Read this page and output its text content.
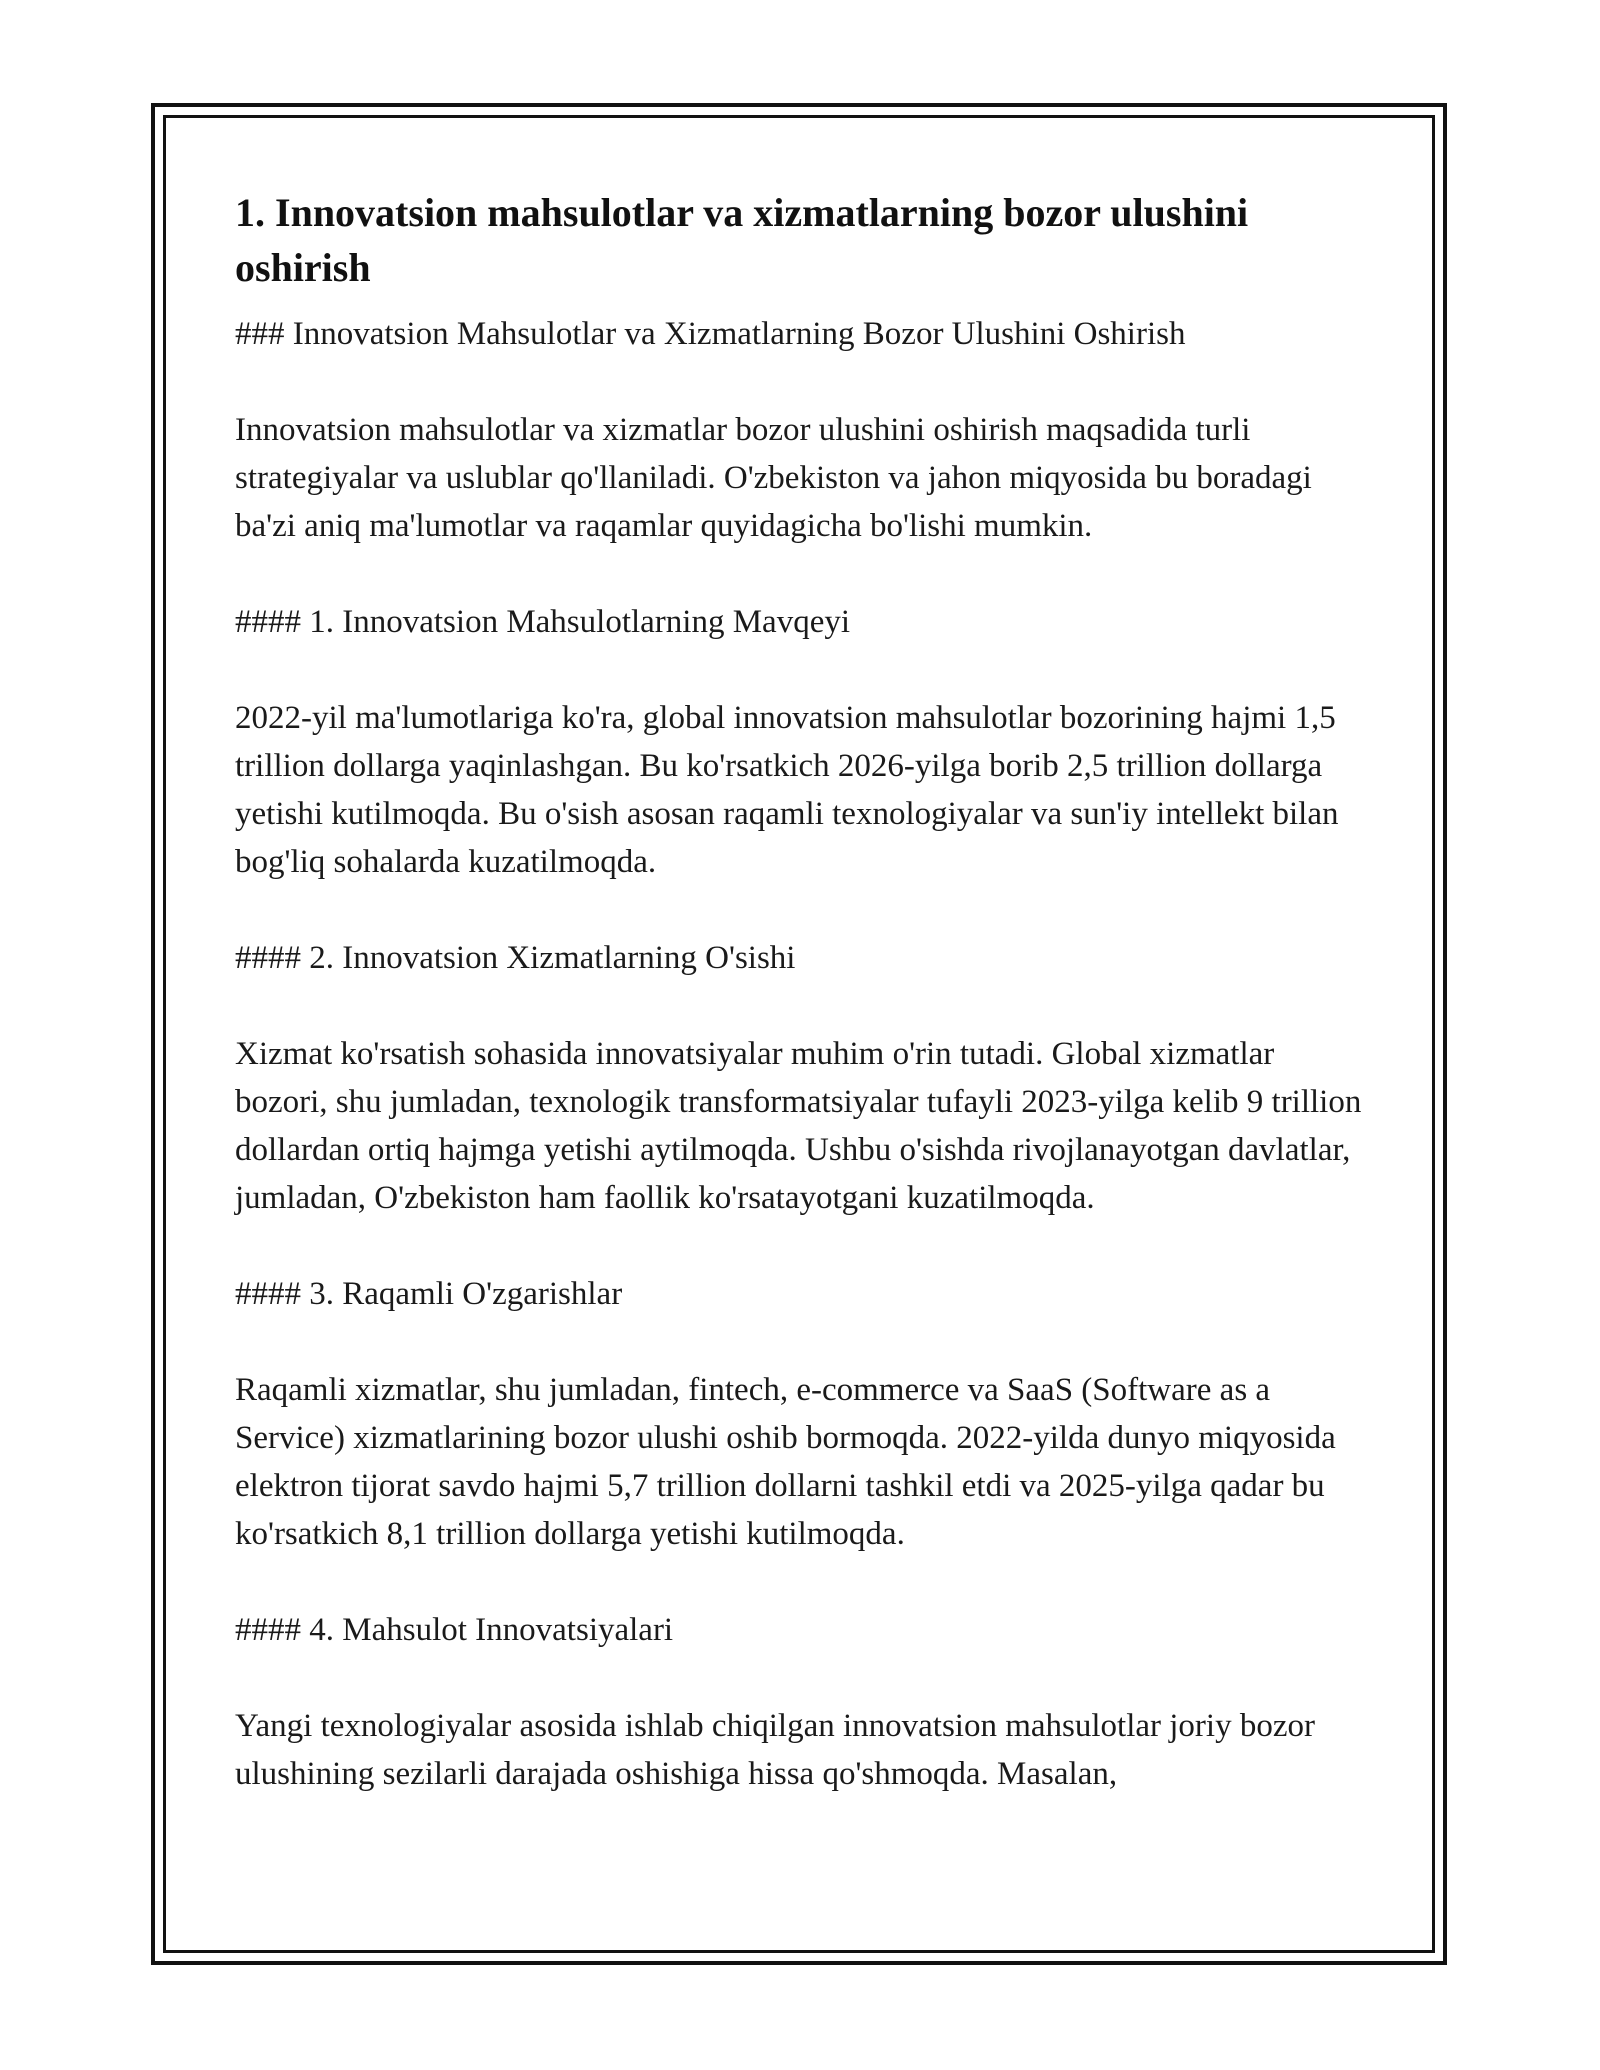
1. Innovatsion mahsulotlar va xizmatlarning bozor ulushini oshirish

### Innovatsion Mahsulotlar va Xizmatlarning Bozor Ulushini Oshirish

Innovatsion mahsulotlar va xizmatlar bozor ulushini oshirish maqsadida turli strategiyalar va uslublar qo'llaniladi. O'zbekiston va jahon miqyosida bu boradagi ba'zi aniq ma'lumotlar va raqamlar quyidagicha bo'lishi mumkin.

#### 1. Innovatsion Mahsulotlarning Mavqeyi

2022-yil ma'lumotlariga ko'ra, global innovatsion mahsulotlar bozorining hajmi 1,5 trillion dollarga yaqinlashgan. Bu ko'rsatkich 2026-yilga borib 2,5 trillion dollarga yetishi kutilmoqda. Bu o'sish asosan raqamli texnologiyalar va sun'iy intellekt bilan bog'liq sohalarda kuzatilmoqda.

#### 2. Innovatsion Xizmatlarning O'sishi

Xizmat ko'rsatish sohasida innovatsiyalar muhim o'rin tutadi. Global xizmatlar bozori, shu jumladan, texnologik transformatsiyalar tufayli 2023-yilga kelib 9 trillion dollardan ortiq hajmga yetishi aytilmoqda. Ushbu o'sishda rivojlanayotgan davlatlar, jumladan, O'zbekiston ham faollik ko'rsatayotgani kuzatilmoqda.

#### 3. Raqamli O'zgarishlar

Raqamli xizmatlar, shu jumladan, fintech, e-commerce va SaaS (Software as a Service) xizmatlarining bozor ulushi oshib bormoqda. 2022-yilda dunyo miqyosida elektron tijorat savdo hajmi 5,7 trillion dollarni tashkil etdi va 2025-yilga qadar bu ko'rsatkich 8,1 trillion dollarga yetishi kutilmoqda.

#### 4. Mahsulot Innovatsiyalari

Yangi texnologiyalar asosida ishlab chiqilgan innovatsion mahsulotlar joriy bozor ulushining sezilarli darajada oshishiga hissa qo'shmoqda. Masalan,
